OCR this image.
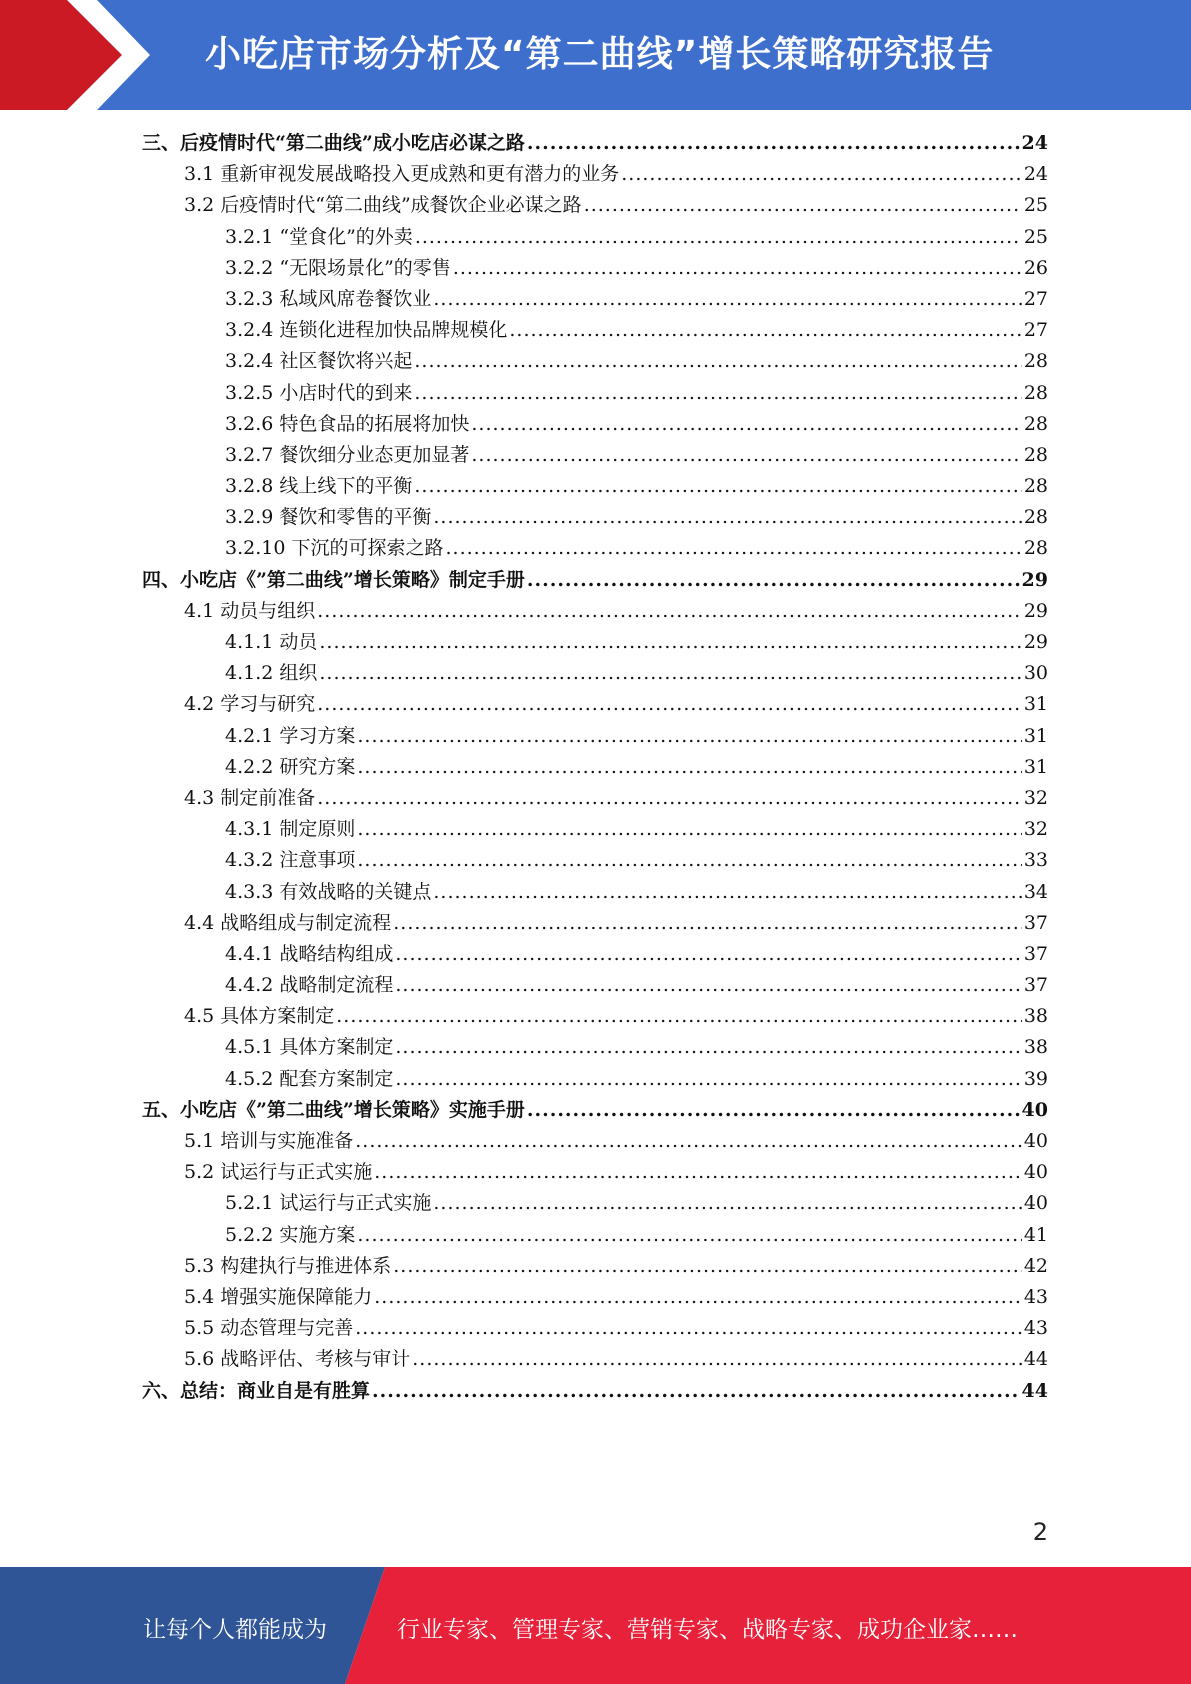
小吃店市场分析及“第二曲线”增长策略研究报告
三、后疫情时代“第二曲线”成小吃店必谋之路 .....	24
3.1 重新审视发展战略投入更成熟和更有潜力的业务 .....	24
3.2 后疫情时代“第二曲线”成餐饮企业必谋之路 .....	25
3.2.1 “堂食化”的外卖 .....	25
3.2.2 “无限场景化”的零售 .....	26
3.2.3 私域风席卷餐饮业 .....	27
3.2.4 连锁化进程加快品牌规模化 .....	27
3.2.4 社区餐饮将兴起 .....	28
3.2.5 小店时代的到来 .....	28
3.2.6 特色食品的拓展将加快 .....	28
3.2.7 餐饮细分业态更加显著 .....	28
3.2.8 线上线下的平衡 .....	28
3.2.9 餐饮和零售的平衡 .....	28
3.2.10 下沉的可探索之路 .....	28
四、小吃店《”第二曲线”增长策略》制定手册 .....	29
4.1 动员与组织 .....	29
4.1.1 动员 .....	29
4.1.2 组织 .....	30
4.2 学习与研究 .....	31
4.2.1 学习方案 .....	31
4.2.2 研究方案 .....	31
4.3 制定前准备 .....	32
4.3.1 制定原则 .....	32
4.3.2 注意事项 .....	33
4.3.3 有效战略的关键点 .....	34
4.4 战略组成与制定流程 .....	37
4.4.1 战略结构组成 .....	37
4.4.2 战略制定流程 .....	37
4.5 具体方案制定 .....	38
4.5.1 具体方案制定 .....	38
4.5.2 配套方案制定 .....	39
五、小吃店《”第二曲线”增长策略》实施手册 .....	40
5.1 培训与实施准备 .....	40
5.2 试运行与正式实施 .....	40
5.2.1 试运行与正式实施 .....	40
5.2.2 实施方案 .....	41
5.3 构建执行与推进体系 .....	42
5.4 增强实施保障能力 .....	43
5.5 动态管理与完善 .....	43
5.6 战略评估、考核与审计 .....	44
六、总结：商业自是有胜算 .....	44
2
让每个人都能成为	行业专家、管理专家、营销专家、战略专家、成功企业家……
